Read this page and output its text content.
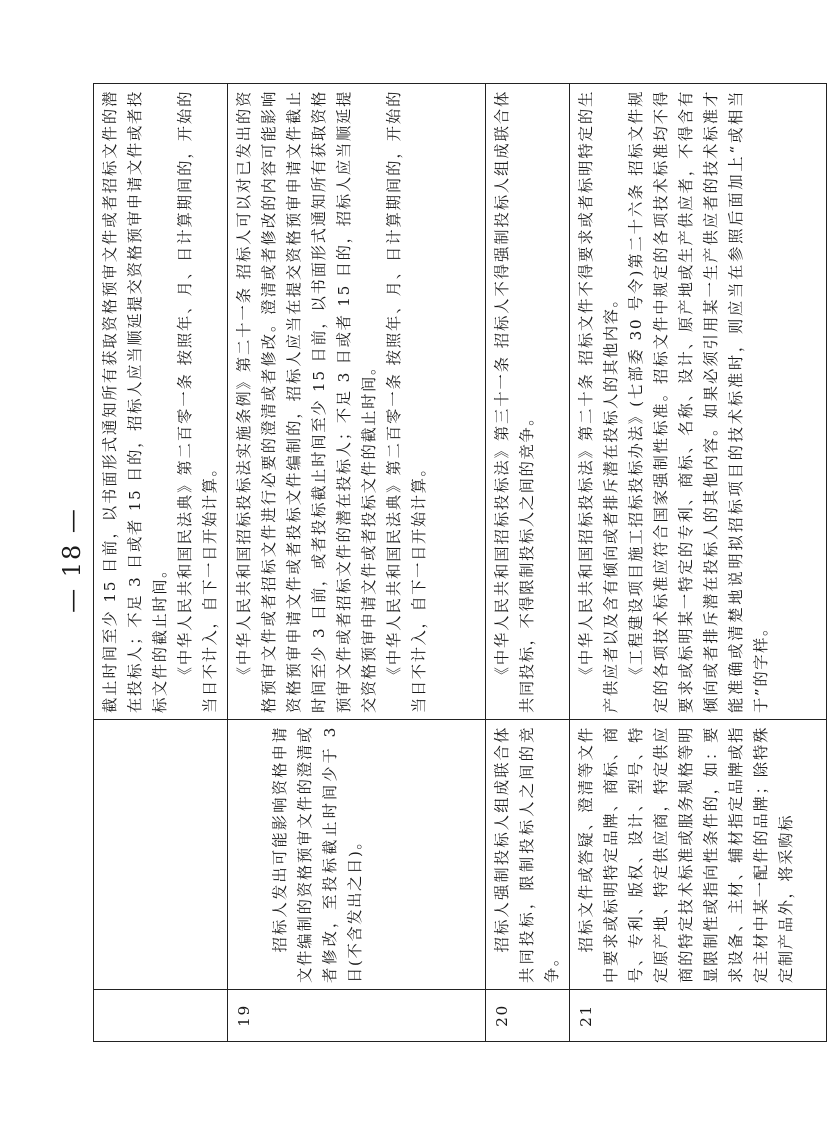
		截止时间至少 15 日前，以书面形式通知所有获取资格预审文件或者招标文件的潜在投标人；不足 3 日或者 15 日的，招标人应当顺延提交资格预审申请文件或者投标文件的截止时间。 《中华人民共和国民法典》第二百零一条 按照年、月、日计算期间的，开始的当日不计入，自下一日开始计算。

19	招标人发出可能影响资格申请文件编制的资格预审文件的澄清或者修改，至投标截止时间少于 3 日(不含发出之日)。	《中华人民共和国招标投标法实施条例》第二十一条 招标人可以对已发出的资格预审文件或者招标文件进行必要的澄清或者修改。澄清或者修改的内容可能影响资格预审申请文件或者投标文件编制的，招标人应当在提交资格预审申请文件截止时间至少 3 日前，或者投标截止时间至少 15 日前，以书面形式通知所有获取资格预审文件或者招标文件的潜在投标人；不足 3 日或者 15 日的，招标人应当顺延提交资格预审申请文件或者投标文件的截止时间。 《中华人民共和国民法典》第二百零一条 按照年、月、日计算期间的，开始的当日不计入，自下一日开始计算。

20	招标人强制投标人组成联合体共同投标，限制投标人之间的竞争。	《中华人民共和国招标投标法》第三十一条 招标人不得强制投标人组成联合体共同投标，不得限制投标人之间的竞争。

21	招标文件或答疑、澄清等文件中要求或标明特定品牌、商标、商号、专利、版权、设计、型号、特定原产地、特定供应商，特定供应商的特定技术标准或服务规格等明显限制性或指向性条件的，如：要求设备、主材、辅材指定品牌或指定主材中某一配件的品牌；除特殊定制产品外，将采购标	《中华人民共和国招标投标法》第二十条 招标文件不得要求或者标明特定的生产供应者以及含有倾向或者排斥潜在投标人的其他内容。 《工程建设项目施工招标投标办法》(七部委 30 号令)第二十六条 招标文件规定的各项技术标准应符合国家强制性标准。招标文件中规定的各项技术标准均不得要求或标明某一特定的专利、商标、名称、设计、原产地或生产供应者，不得含有倾向或者排斥潜在投标人的其他内容。如果必须引用某一生产供应者的技术标准才能准确或清楚地说明拟招标项目的技术标准时，则应当在参照后面加上“或相当于”的字样。
— 18 —
